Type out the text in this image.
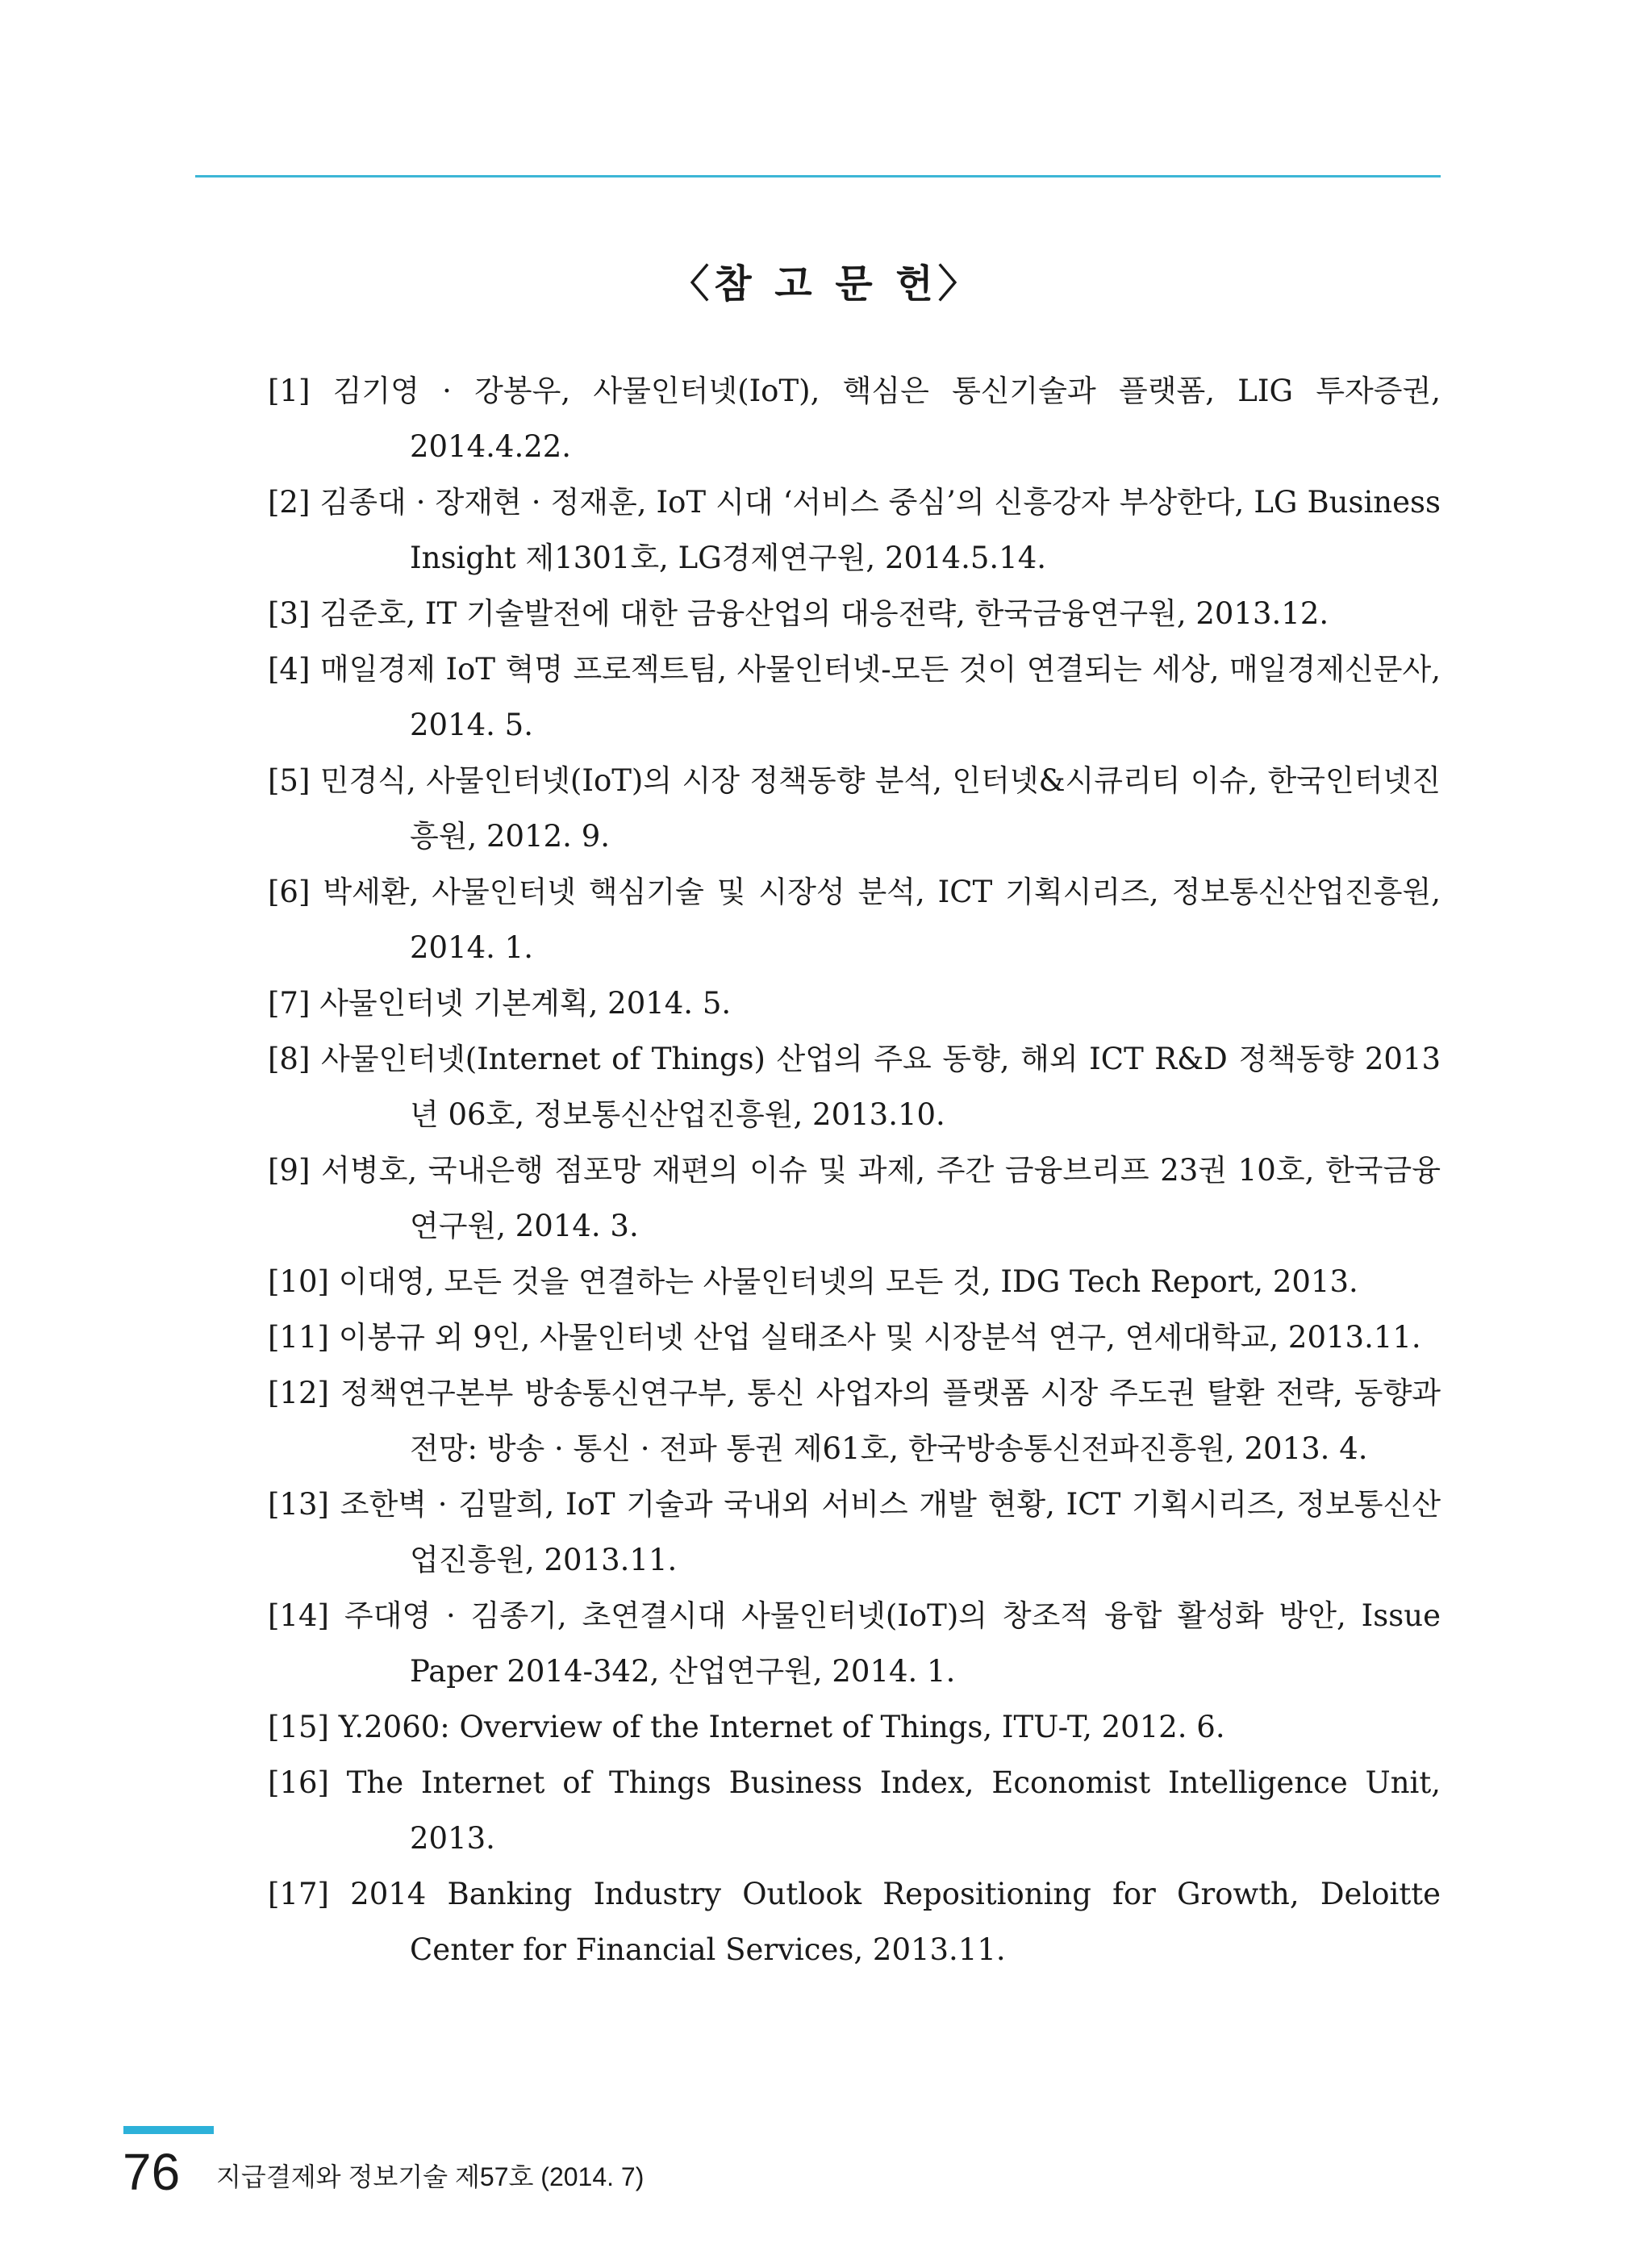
〈참 고 문 헌〉
[1] 김기영 · 강봉우, 사물인터넷(IoT), 핵심은 통신기술과 플랫폼, LIG 투자증권, 2014.4.22.
[2] 김종대 · 장재현 · 정재훈, IoT 시대 ‘서비스 중심’의 신흥강자 부상한다, LG Business Insight 제1301호, LG경제연구원, 2014.5.14.
[3] 김준호, IT 기술발전에 대한 금융산업의 대응전략, 한국금융연구원, 2013.12.
[4] 매일경제 IoT 혁명 프로젝트팀, 사물인터넷-모든 것이 연결되는 세상, 매일경제신문사, 2014. 5.
[5] 민경식, 사물인터넷(IoT)의 시장 정책동향 분석, 인터넷&시큐리티 이슈, 한국인터넷진흥원, 2012. 9.
[6] 박세환, 사물인터넷 핵심기술 및 시장성 분석, ICT 기획시리즈, 정보통신산업진흥원, 2014. 1.
[7] 사물인터넷 기본계획, 2014. 5.
[8] 사물인터넷(Internet of Things) 산업의 주요 동향, 해외 ICT R&D 정책동향 2013년 06호, 정보통신산업진흥원, 2013.10.
[9] 서병호, 국내은행 점포망 재편의 이슈 및 과제, 주간 금융브리프 23권 10호, 한국금융연구원, 2014. 3.
[10] 이대영, 모든 것을 연결하는 사물인터넷의 모든 것, IDG Tech Report, 2013.
[11] 이봉규 외 9인, 사물인터넷 산업 실태조사 및 시장분석 연구, 연세대학교, 2013.11.
[12] 정책연구본부 방송통신연구부, 통신 사업자의 플랫폼 시장 주도권 탈환 전략, 동향과 전망: 방송 · 통신 · 전파 통권 제61호, 한국방송통신전파진흥원, 2013. 4.
[13] 조한벽 · 김말희, IoT 기술과 국내외 서비스 개발 현황, ICT 기획시리즈, 정보통신산업진흥원, 2013.11.
[14] 주대영 · 김종기, 초연결시대 사물인터넷(IoT)의 창조적 융합 활성화 방안, Issue Paper 2014-342, 산업연구원, 2014. 1.
[15] Y.2060: Overview of the Internet of Things, ITU-T, 2012. 6.
[16] The Internet of Things Business Index, Economist Intelligence Unit, 2013.
[17] 2014 Banking Industry Outlook Repositioning for Growth, Deloitte Center for Financial Services, 2013.11.
76 지급결제와 정보기술 제57호 (2014. 7)
